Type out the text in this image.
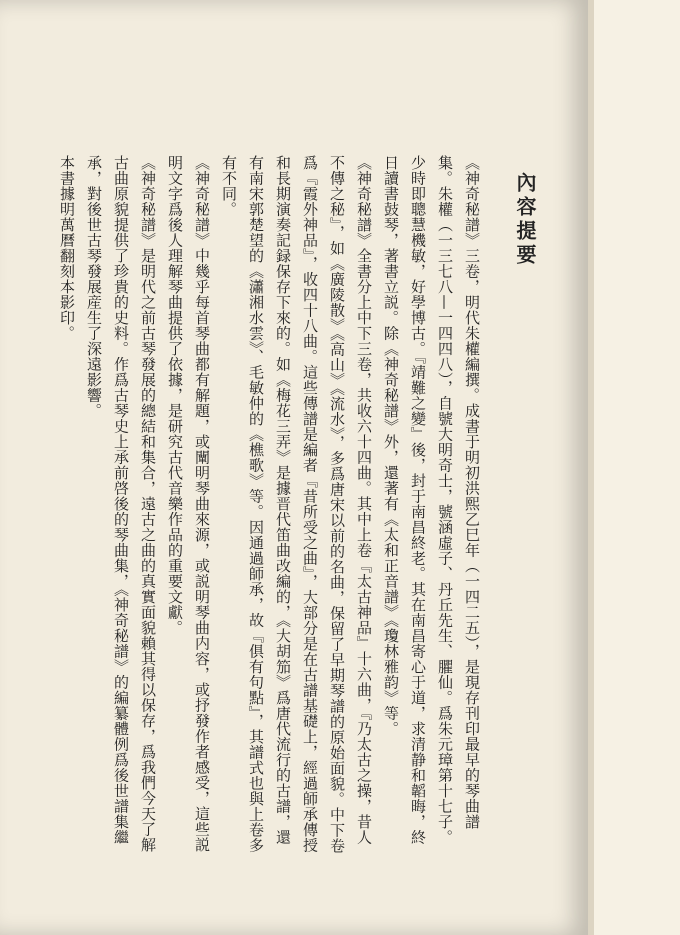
內容提要

《神奇秘譜》三卷，明代朱權編撰。成書于明初洪熙乙巳年（一四二五），是現存刊印最早的琴曲譜集。朱權（一三七八—一四四八），自號大明奇士，號涵虛子、丹丘先生、臞仙。爲朱元璋第十七子。少時即聰慧機敏，好學博古。『靖難之變』後，封于南昌終老。其在南昌寄心于道，求清静和韜晦，終日讀書鼓琴，著書立説。除《神奇秘譜》外，還著有《太和正音譜》《瓊林雅韵》等。

《神奇秘譜》全書分上中下三卷，共收六十四曲。其中上卷『太古神品』十六曲，『乃太古之操，昔人不傳之秘』，如《廣陵散》《高山》《流水》，多爲唐宋以前的名曲，保留了早期琴譜的原始面貌。中下卷爲『霞外神品』，收四十八曲。這些傳譜是編者『昔所受之曲』，大部分是在古譜基礎上，經過師承傳授和長期演奏記録保存下來的。如《梅花三弄》是據晋代笛曲改編的，《大胡笳》爲唐代流行的古譜，還有南宋郭楚望的《瀟湘水雲》、毛敏仲的《樵歌》等。因通過師承，故『俱有句點』，其譜式也與上卷多有不同。

《神奇秘譜》中幾乎每首琴曲都有解題，或闡明琴曲來源，或説明琴曲内容，或抒發作者感受，這些説明文字爲後人理解琴曲提供了依據，是研究古代音樂作品的重要文獻。

《神奇秘譜》是明代之前古琴發展的總結和集合，遠古之曲的真實面貌賴其得以保存，爲我們今天了解古曲原貌提供了珍貴的史料。作爲古琴史上承前啓後的琴曲集，《神奇秘譜》的編纂體例爲後世譜集繼承，對後世古琴發展産生了深遠影響。

本書據明萬曆翻刻本影印。
